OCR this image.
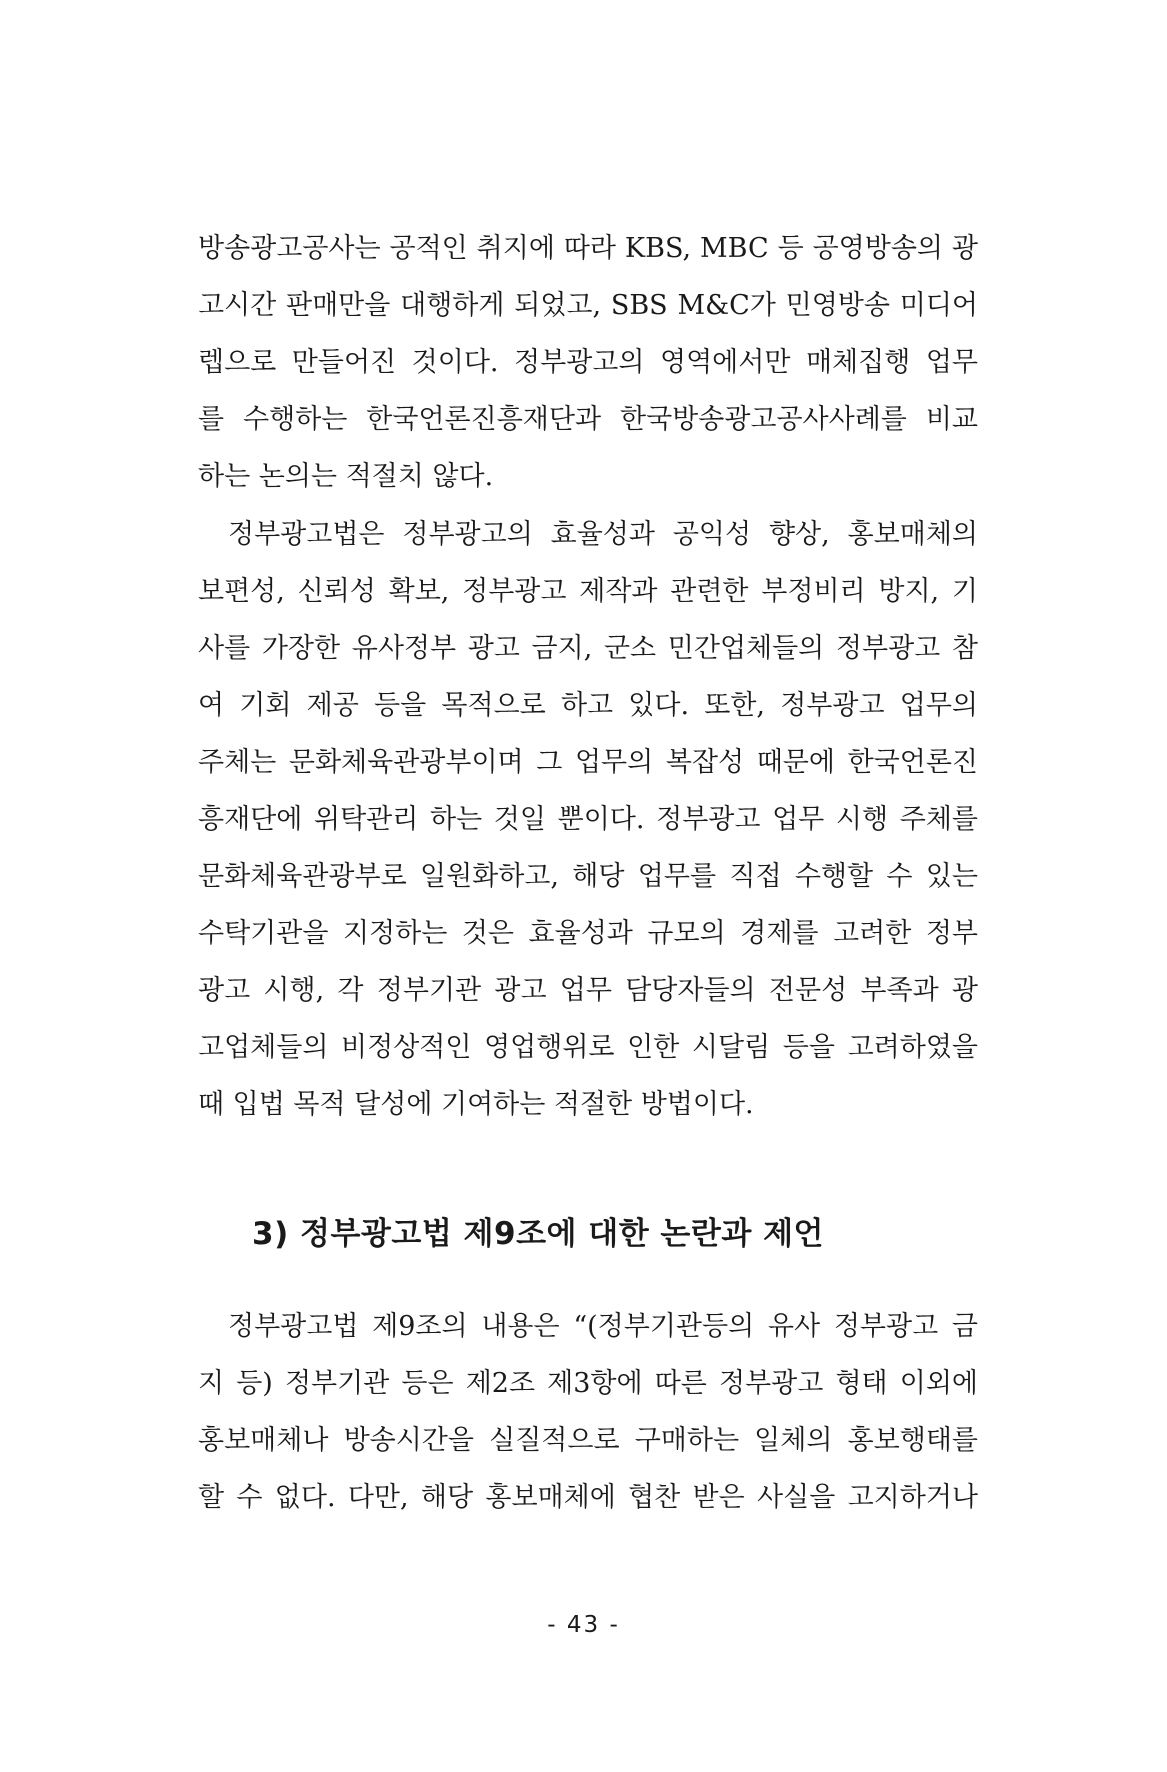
방송광고공사는 공적인 취지에 따라 KBS, MBC 등 공영방송의 광
고시간 판매만을 대행하게 되었고, SBS M&C가 민영방송 미디어
렙으로 만들어진 것이다. 정부광고의 영역에서만 매체집행 업무
를 수행하는 한국언론진흥재단과 한국방송광고공사사례를 비교
하는 논의는 적절치 않다.
정부광고법은 정부광고의 효율성과 공익성 향상, 홍보매체의
보편성, 신뢰성 확보, 정부광고 제작과 관련한 부정비리 방지, 기
사를 가장한 유사정부 광고 금지, 군소 민간업체들의 정부광고 참
여 기회 제공 등을 목적으로 하고 있다. 또한, 정부광고 업무의
주체는 문화체육관광부이며 그 업무의 복잡성 때문에 한국언론진
흥재단에 위탁관리 하는 것일 뿐이다. 정부광고 업무 시행 주체를
문화체육관광부로 일원화하고, 해당 업무를 직접 수행할 수 있는
수탁기관을 지정하는 것은 효율성과 규모의 경제를 고려한 정부
광고 시행, 각 정부기관 광고 업무 담당자들의 전문성 부족과 광
고업체들의 비정상적인 영업행위로 인한 시달림 등을 고려하였을
때 입법 목적 달성에 기여하는 적절한 방법이다.
3) 정부광고법 제9조에 대한 논란과 제언
정부광고법 제9조의 내용은 “(정부기관등의 유사 정부광고 금
지 등) 정부기관 등은 제2조 제3항에 따른 정부광고 형태 이외에
홍보매체나 방송시간을 실질적으로 구매하는 일체의 홍보행태를
할 수 없다. 다만, 해당 홍보매체에 협찬 받은 사실을 고지하거나
- 43 -
